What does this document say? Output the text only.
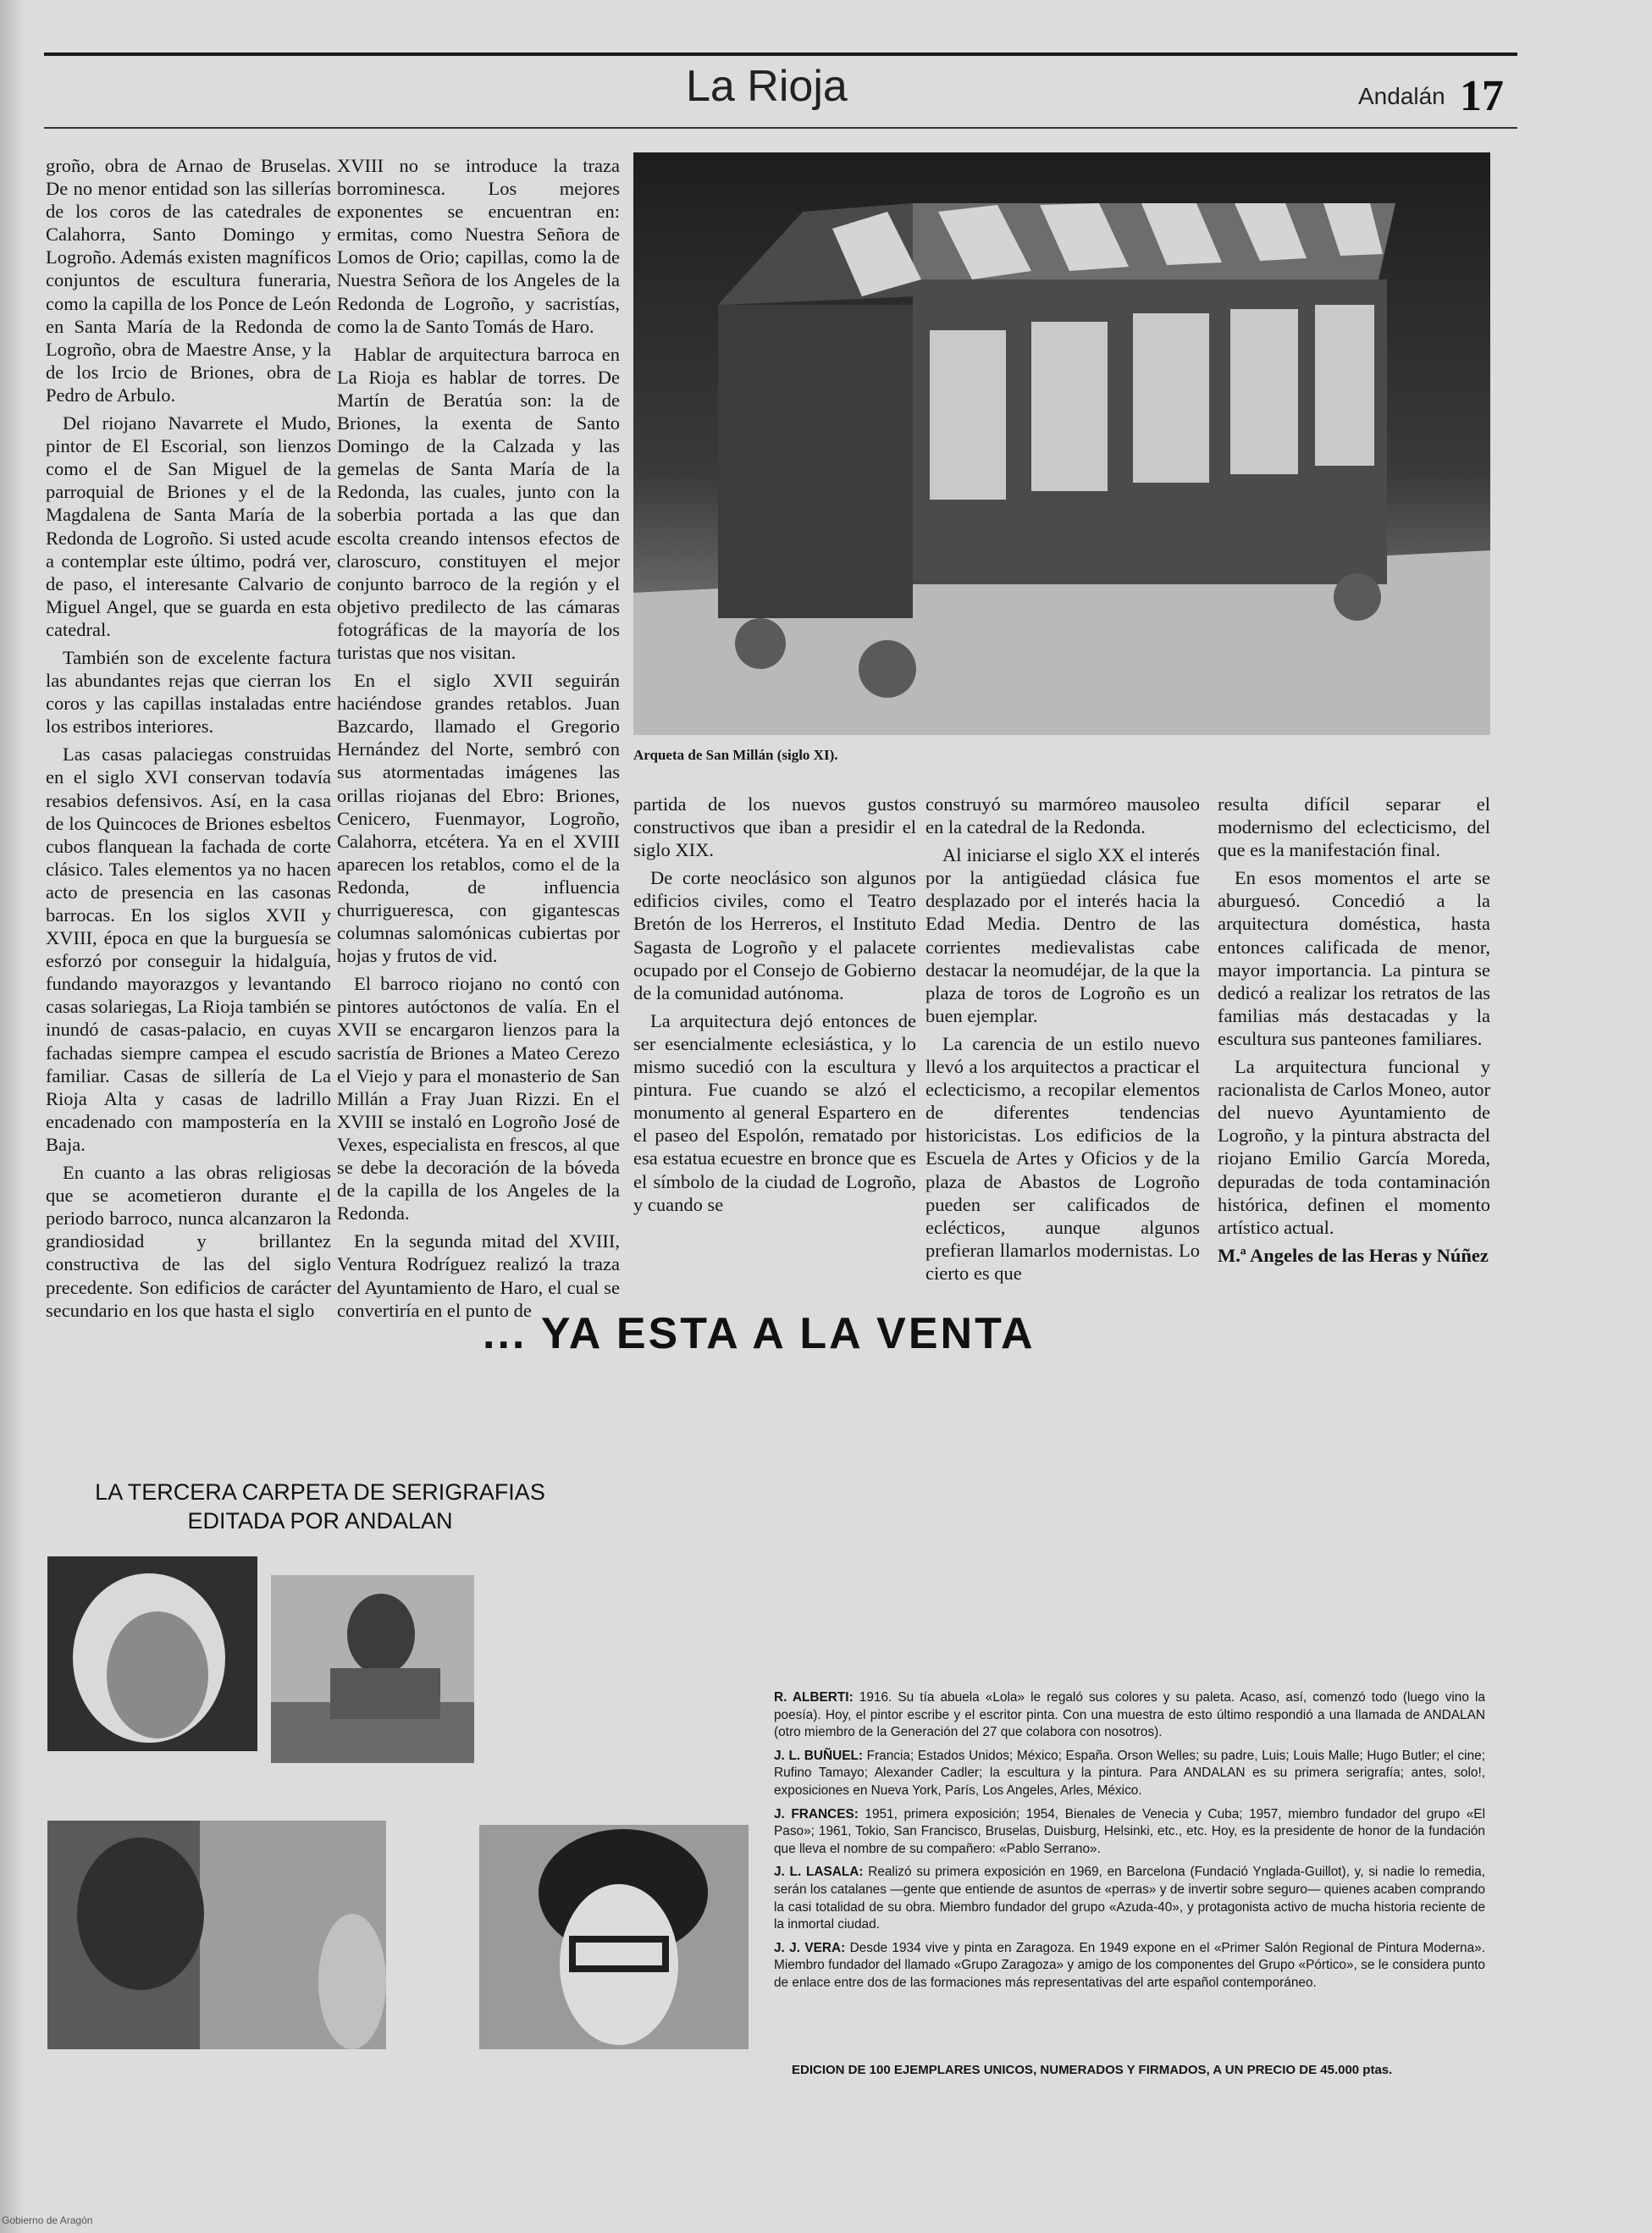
La Rioja	Andalán 17

groño, obra de Arnao de Bruselas. De no menor entidad son las sillerías de los coros de las catedrales de Calahorra, Santo Domingo y Logroño. Además existen magníficos conjuntos de escultura funeraria, como la capilla de los Ponce de León en Santa María de la Redonda de Logroño, obra de Maestre Anse, y la de los Ircio de Briones, obra de Pedro de Arbulo.

Del riojano Navarrete el Mudo, pintor de El Escorial, son lienzos como el de San Miguel de la parroquial de Briones y el de la Magdalena de Santa María de la Redonda de Logroño. Si usted acude a contemplar este último, podrá ver, de paso, el interesante Calvario de Miguel Angel, que se guarda en esta catedral.

También son de excelente factura las abundantes rejas que cierran los coros y las capillas instaladas entre los estribos interiores.

Las casas palaciegas construidas en el siglo XVI conservan todavía resabios defensivos. Así, en la casa de los Quincoces de Briones esbeltos cubos flanquean la fachada de corte clásico. Tales elementos ya no hacen acto de presencia en las casonas barrocas. En los siglos XVII y XVIII, época en que la burguesía se esforzó por conseguir la hidalguía, fundando mayorazgos y levantando casas solariegas, La Rioja también se inundó de casas-palacio, en cuyas fachadas siempre campea el escudo familiar. Casas de sillería de La Rioja Alta y casas de ladrillo encadenado con mampostería en la Baja.

En cuanto a las obras religiosas que se acometieron durante el periodo barroco, nunca alcanzaron la grandiosidad y brillantez constructiva de las del siglo precedente. Son edificios de carácter secundario en los que hasta el siglo

XVIII no se introduce la traza borrominesca. Los mejores exponentes se encuentran en: ermitas, como Nuestra Señora de Lomos de Orio; capillas, como la de Nuestra Señora de los Angeles de la Redonda de Logroño, y sacristías, como la de Santo Tomás de Haro.

Hablar de arquitectura barroca en La Rioja es hablar de torres. De Martín de Beratúa son: la de Briones, la exenta de Santo Domingo de la Calzada y las gemelas de Santa María de la Redonda, las cuales, junto con la soberbia portada a las que dan escolta creando intensos efectos de claroscuro, constituyen el mejor conjunto barroco de la región y el objetivo predilecto de las cámaras fotográficas de la mayoría de los turistas que nos visitan.

En el siglo XVII seguirán haciéndose grandes retablos. Juan Bazcardo, llamado el Gregorio Hernández del Norte, sembró con sus atormentadas imágenes las orillas riojanas del Ebro: Briones, Cenicero, Fuenmayor, Logroño, Calahorra, etcétera. Ya en el XVIII aparecen los retablos, como el de la Redonda, de influencia churrigueresca, con gigantescas columnas salomónicas cubiertas por hojas y frutos de vid.

El barroco riojano no contó con pintores autóctonos de valía. En el XVII se encargaron lienzos para la sacristía de Briones a Mateo Cerezo el Viejo y para el monasterio de San Millán a Fray Juan Rizzi. En el XVIII se instaló en Logroño José de Vexes, especialista en frescos, al que se debe la decoración de la bóveda de la capilla de los Angeles de la Redonda.

En la segunda mitad del XVIII, Ventura Rodríguez realizó la traza del Ayuntamiento de Haro, el cual se convertiría en el punto de

Arqueta de San Millán (siglo XI).

partida de los nuevos gustos constructivos que iban a presidir el siglo XIX.

De corte neoclásico son algunos edificios civiles, como el Teatro Bretón de los Herreros, el Instituto Sagasta de Logroño y el palacete ocupado por el Consejo de Gobierno de la comunidad autónoma.

La arquitectura dejó entonces de ser esencialmente eclesiástica, y lo mismo sucedió con la escultura y pintura. Fue cuando se alzó el monumento al general Espartero en el paseo del Espolón, rematado por esa estatua ecuestre en bronce que es el símbolo de la ciudad de Logroño, y cuando se

construyó su marmóreo mausoleo en la catedral de la Redonda.

Al iniciarse el siglo XX el interés por la antigüedad clásica fue desplazado por el interés hacia la Edad Media. Dentro de las corrientes medievalistas cabe destacar la neomudéjar, de la que la plaza de toros de Logroño es un buen ejemplar.

La carencia de un estilo nuevo llevó a los arquitectos a practicar el eclecticismo, a recopilar elementos de diferentes tendencias historicistas. Los edificios de la Escuela de Artes y Oficios y de la plaza de Abastos de Logroño pueden ser calificados de eclécticos, aunque algunos prefieran llamarlos modernistas. Lo cierto es que

resulta difícil separar el modernismo del eclecticismo, del que es la manifestación final.

En esos momentos el arte se aburguesó. Concedió a la arquitectura doméstica, hasta entonces calificada de menor, mayor importancia. La pintura se dedicó a realizar los retratos de las familias más destacadas y la escultura sus panteones familiares.

La arquitectura funcional y racionalista de Carlos Moneo, autor del nuevo Ayuntamiento de Logroño, y la pintura abstracta del riojano Emilio García Moreda, depuradas de toda contaminación histórica, definen el momento artístico actual.

M.ª Angeles de las Heras y Núñez

... YA ESTA A LA VENTA
LA TERCERA CARPETA DE SERIGRAFIAS
EDITADA POR ANDALAN

R. ALBERTI: 1916. Su tía abuela «Lola» le regaló sus colores y su paleta. Acaso, así, comenzó todo (luego vino la poesía). Hoy, el pintor escribe y el escritor pinta. Con una muestra de esto último respondió a una llamada de ANDALAN (otro miembro de la Generación del 27 que colabora con nosotros).

J. L. BUÑUEL: Francia; Estados Unidos; México; España. Orson Welles; su padre, Luis; Louis Malle; Hugo Butler; el cine; Rufino Tamayo; Alexander Cadler; la escultura y la pintura. Para ANDALAN es su primera serigrafía; antes, solo!, exposiciones en Nueva York, París, Los Angeles, Arles, México.

J. FRANCES: 1951, primera exposición; 1954, Bienales de Venecia y Cuba; 1957, miembro fundador del grupo «El Paso»; 1961, Tokio, San Francisco, Bruselas, Duisburg, Helsinki, etc., etc. Hoy, es la presidente de honor de la fundación que lleva el nombre de su compañero: «Pablo Serrano».

J. L. LASALA: Realizó su primera exposición en 1969, en Barcelona (Fundació Ynglada-Guillot), y, si nadie lo remedia, serán los catalanes —gente que entiende de asuntos de «perras» y de invertir sobre seguro— quienes acaben comprando la casi totalidad de su obra. Miembro fundador del grupo «Azuda-40», y protagonista activo de mucha historia reciente de la inmortal ciudad.

J. J. VERA: Desde 1934 vive y pinta en Zaragoza. En 1949 expone en el «Primer Salón Regional de Pintura Moderna». Miembro fundador del llamado «Grupo Zaragoza» y amigo de los componentes del Grupo «Pórtico», se le considera punto de enlace entre dos de las formaciones más representativas del arte español contemporáneo.

EDICION DE 100 EJEMPLARES UNICOS, NUMERADOS Y FIRMADOS, A UN PRECIO DE 45.000 ptas.
Gobierno de Aragón
